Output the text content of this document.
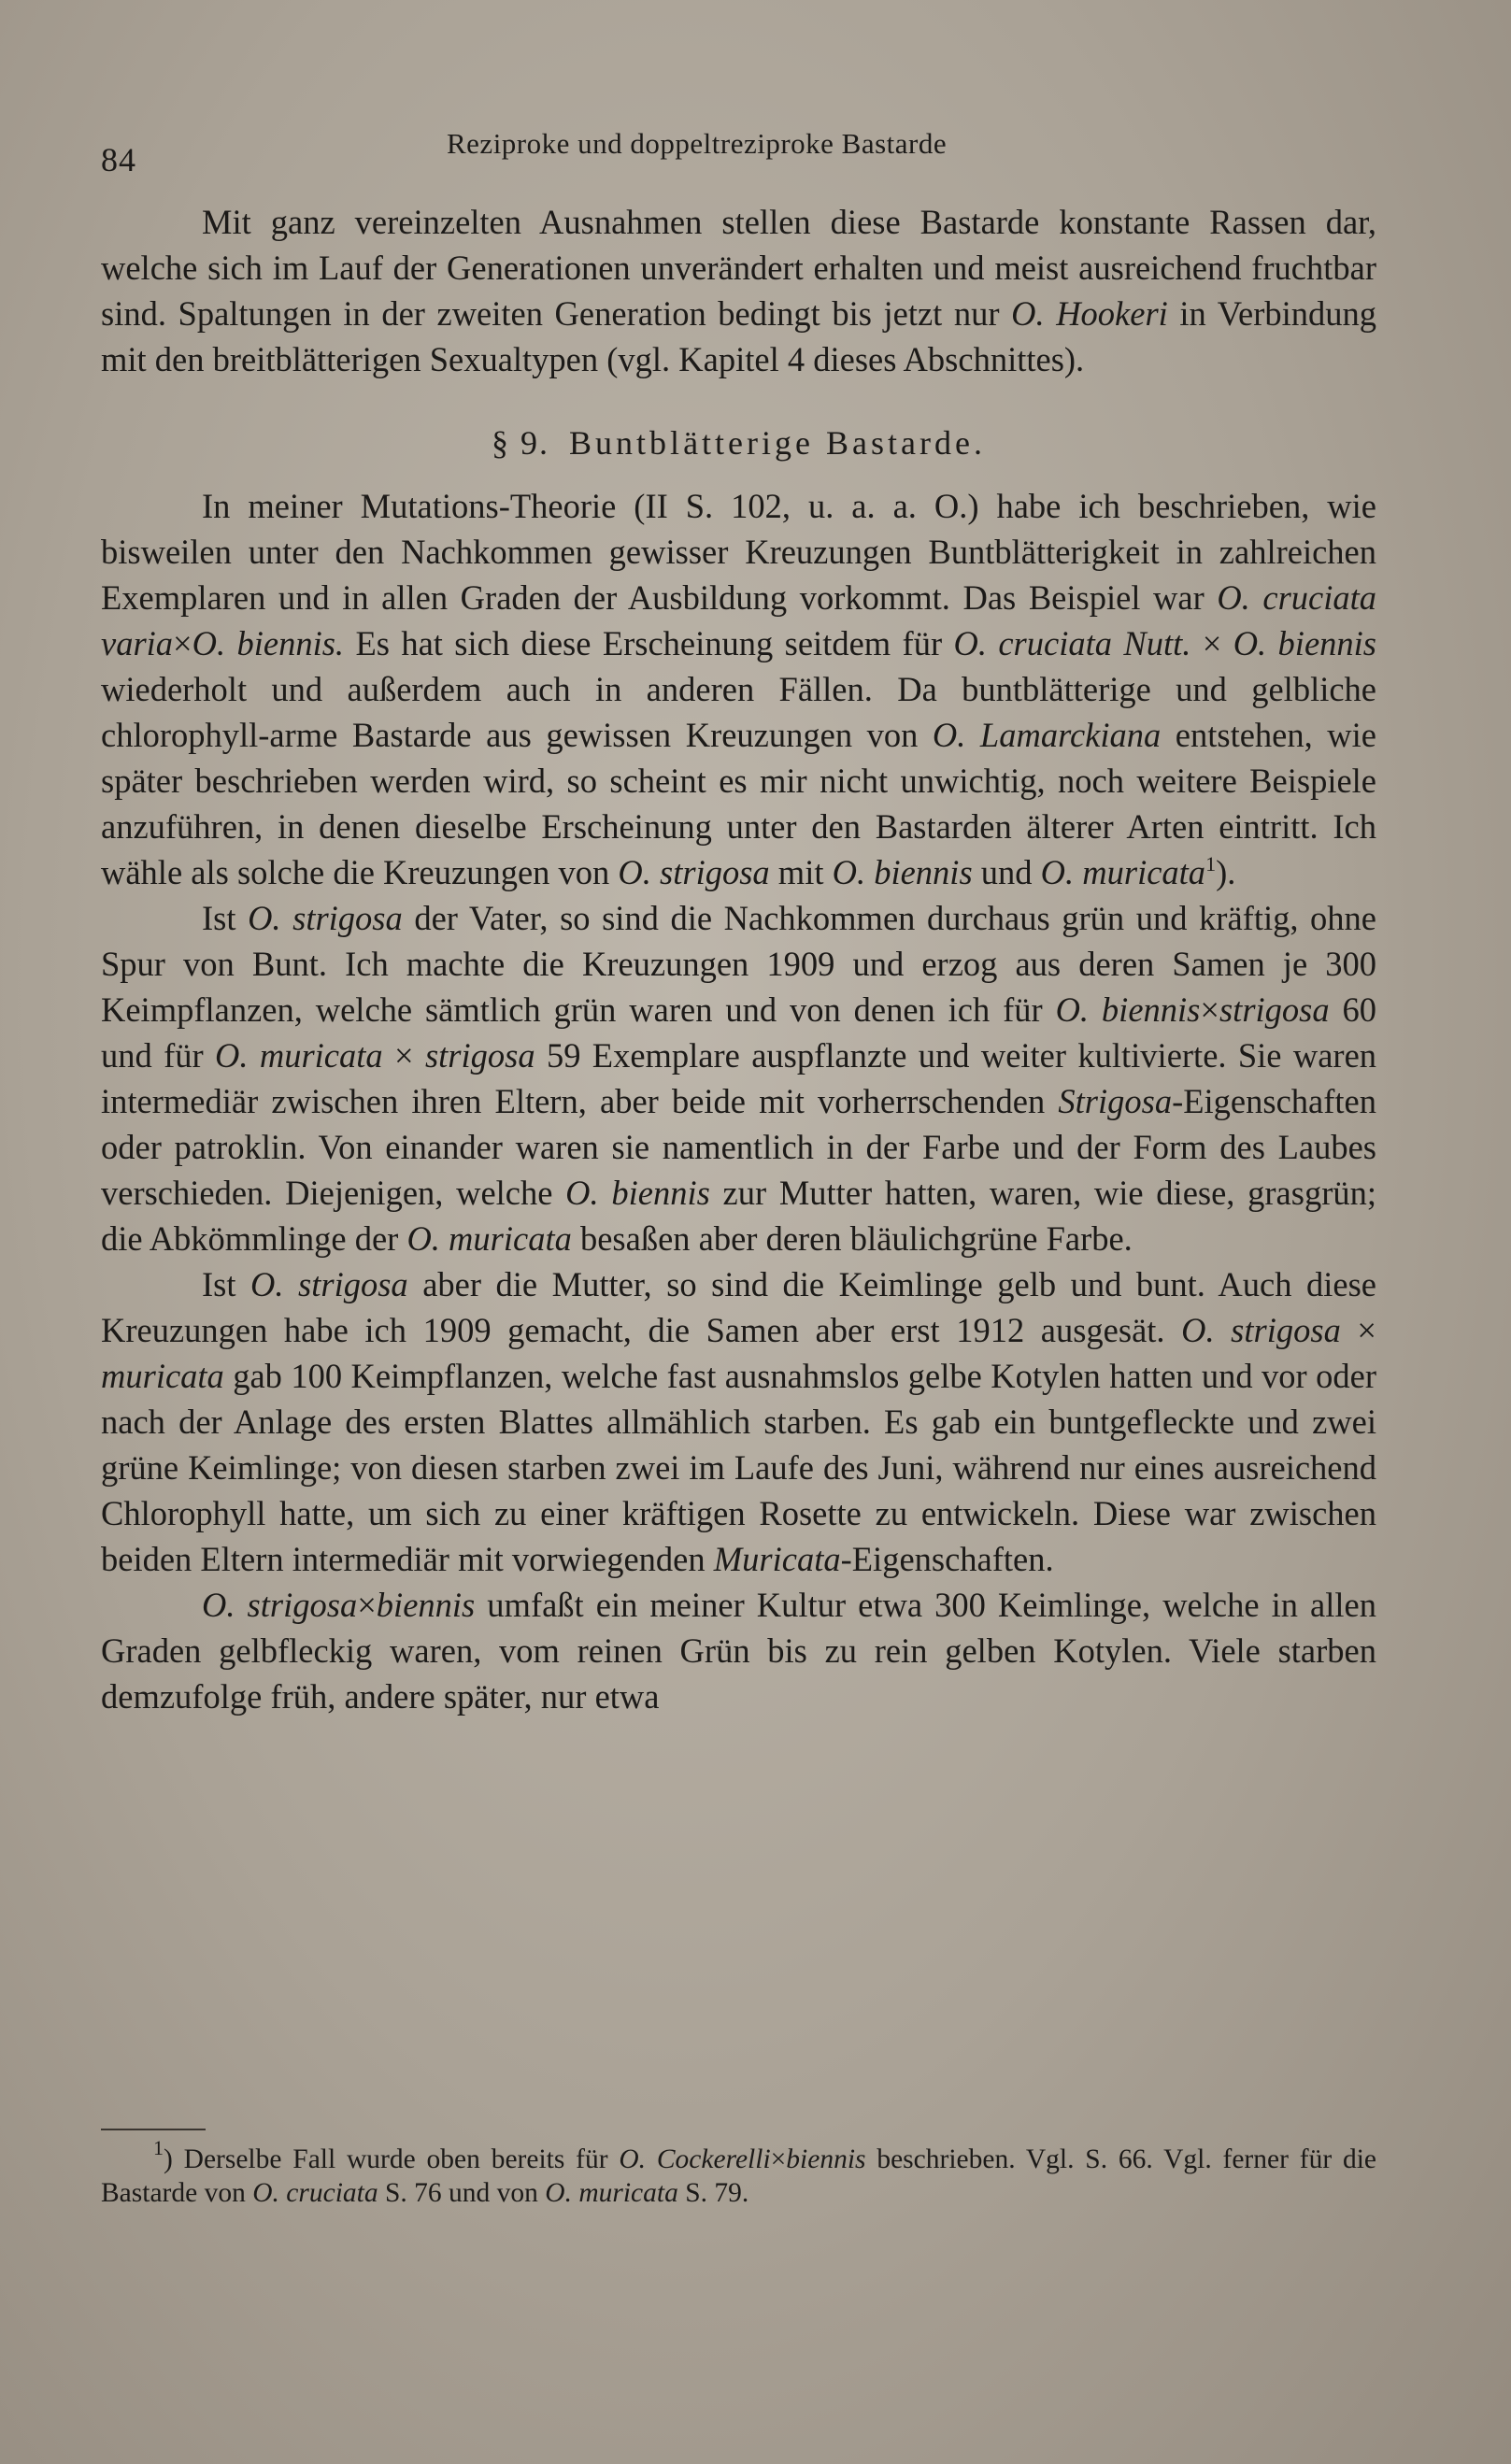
84	Reziproke und doppeltreziproke Bastarde

Mit ganz vereinzelten Ausnahmen stellen diese Bastarde konstante Rassen dar, welche sich im Lauf der Generationen unverändert erhalten und meist ausreichend fruchtbar sind. Spaltungen in der zweiten Generation bedingt bis jetzt nur O. Hookeri in Verbindung mit den breitblätterigen Sexualtypen (vgl. Kapitel 4 dieses Abschnittes).

§ 9. Buntblätterige Bastarde.

In meiner Mutations-Theorie (II S. 102, u. a. a. O.) habe ich beschrieben, wie bisweilen unter den Nachkommen gewisser Kreuzungen Buntblätterigkeit in zahlreichen Exemplaren und in allen Graden der Ausbildung vorkommt. Das Beispiel war O. cruciata varia×O. biennis. Es hat sich diese Erscheinung seitdem für O. cruciata Nutt. × O. biennis wiederholt und außerdem auch in anderen Fällen. Da buntblätterige und gelbliche chlorophyll-arme Bastarde aus gewissen Kreuzungen von O. Lamarckiana entstehen, wie später beschrieben werden wird, so scheint es mir nicht unwichtig, noch weitere Beispiele anzuführen, in denen dieselbe Erscheinung unter den Bastarden älterer Arten eintritt. Ich wähle als solche die Kreuzungen von O. strigosa mit O. biennis und O. muricata$^1$).

Ist O. strigosa der Vater, so sind die Nachkommen durchaus grün und kräftig, ohne Spur von Bunt. Ich machte die Kreuzungen 1909 und erzog aus deren Samen je 300 Keimpflanzen, welche sämtlich grün waren und von denen ich für O. biennis×strigosa 60 und für O. muricata × strigosa 59 Exemplare auspflanzte und weiter kultivierte. Sie waren intermediär zwischen ihren Eltern, aber beide mit vorherrschenden Strigosa-Eigenschaften oder patroklin. Von einander waren sie namentlich in der Farbe und der Form des Laubes verschieden. Diejenigen, welche O. biennis zur Mutter hatten, waren, wie diese, grasgrün; die Abkömmlinge der O. muricata besaßen aber deren bläulichgrüne Farbe.

Ist O. strigosa aber die Mutter, so sind die Keimlinge gelb und bunt. Auch diese Kreuzungen habe ich 1909 gemacht, die Samen aber erst 1912 ausgesät. O. strigosa × muricata gab 100 Keimpflanzen, welche fast ausnahmslos gelbe Kotylen hatten und vor oder nach der Anlage des ersten Blattes allmählich starben. Es gab ein buntgefleckte und zwei grüne Keimlinge; von diesen starben zwei im Laufe des Juni, während nur eines ausreichend Chlorophyll hatte, um sich zu einer kräftigen Rosette zu entwickeln. Diese war zwischen beiden Eltern intermediär mit vorwiegenden Muricata-Eigenschaften.

O. strigosa×biennis umfaßt ein meiner Kultur etwa 300 Keimlinge, welche in allen Graden gelbfleckig waren, vom reinen Grün bis zu rein gelben Kotylen. Viele starben demzufolge früh, andere später, nur etwa

$^1$) Derselbe Fall wurde oben bereits für O. Cockerelli×biennis beschrieben. Vgl. S. 66. Vgl. ferner für die Bastarde von O. cruciata S. 76 und von O. muricata S. 79.
